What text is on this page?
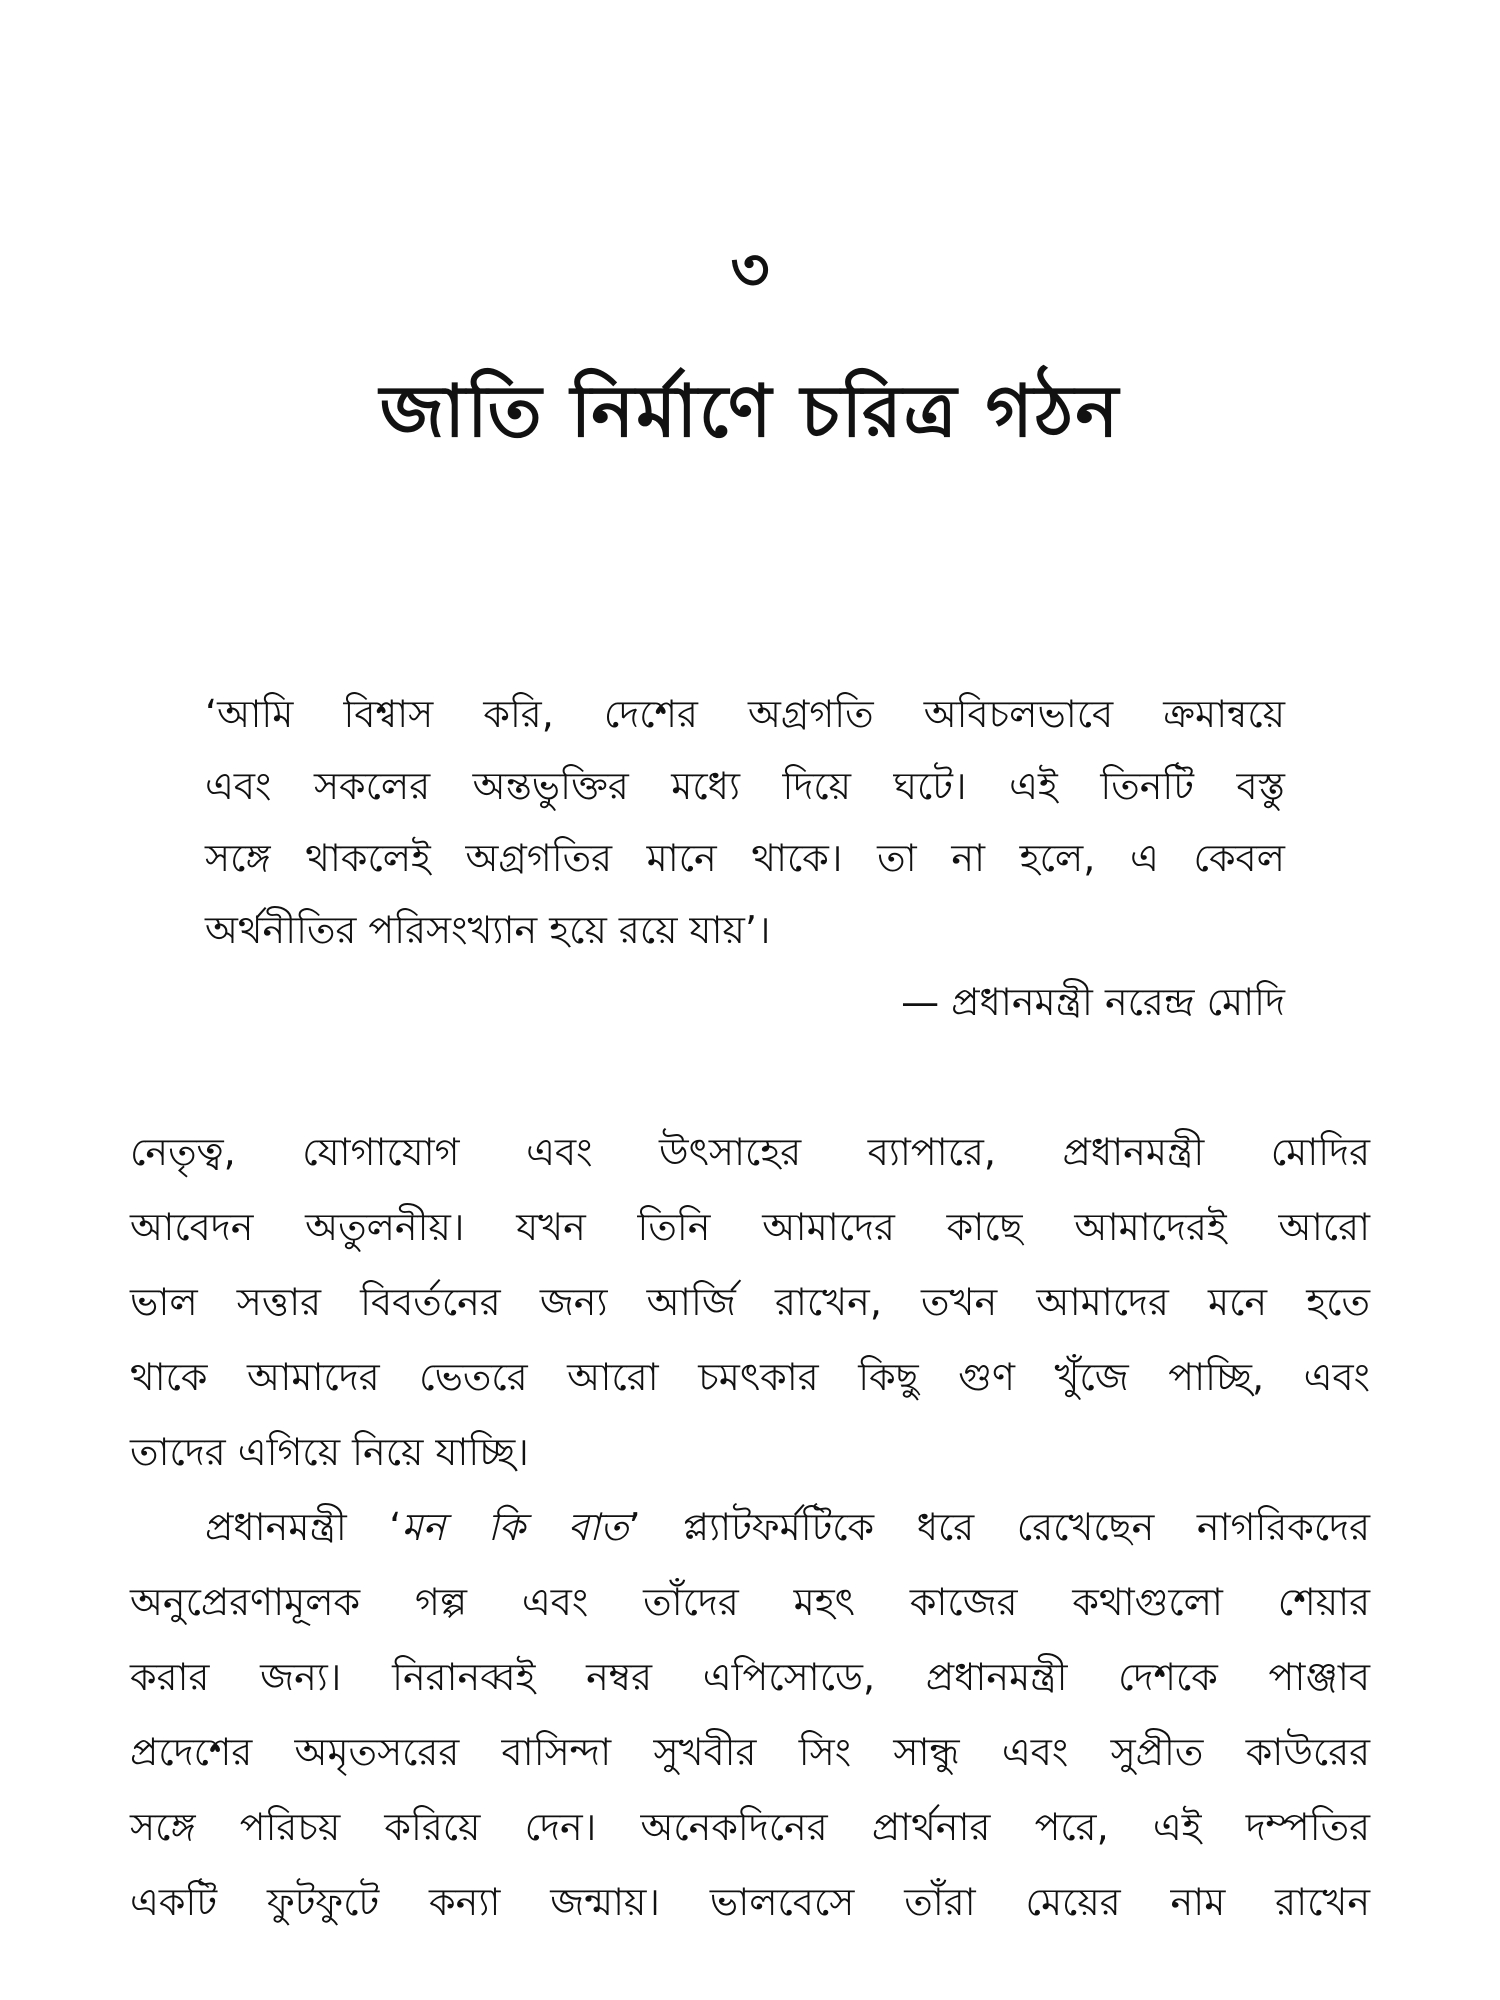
৩
জাতি নির্মাণে চরিত্র গঠন
‘আমি বিশ্বাস করি, দেশের অগ্রগতি অবিচলভাবে ক্রমান্বয়ে
এবং সকলের অন্তভুক্তির মধ্যে দিয়ে ঘটে। এই তিনটি বস্তু
সঙ্গে থাকলেই অগ্রগতির মানে থাকে। তা না হলে, এ কেবল
অর্থনীতির পরিসংখ্যান হয়ে রয়ে যায়’।
— প্রধানমন্ত্রী নরেন্দ্র মোদি
নেতৃত্ব, যোগাযোগ এবং উৎসাহের ব্যাপারে, প্রধানমন্ত্রী মোদির
আবেদন অতুলনীয়। যখন তিনি আমাদের কাছে আমাদেরই আরো
ভাল সত্তার বিবর্তনের জন্য আর্জি রাখেন, তখন আমাদের মনে হতে
থাকে আমাদের ভেতরে আরো চমৎকার কিছু গুণ খুঁজে পাচ্ছি, এবং
তাদের এগিয়ে নিয়ে যাচ্ছি।
প্রধানমন্ত্রী ‘মন কি বাত’ প্ল্যাটফর্মটিকে ধরে রেখেছেন নাগরিকদের
অনুপ্রেরণামূলক গল্প এবং তাঁদের মহৎ কাজের কথাগুলো শেয়ার
করার জন্য। নিরানব্বই নম্বর এপিসোডে, প্রধানমন্ত্রী দেশকে পাঞ্জাব
প্রদেশের অমৃতসরের বাসিন্দা সুখবীর সিং সান্ধু এবং সুপ্রীত কাউরের
সঙ্গে পরিচয় করিয়ে দেন। অনেকদিনের প্রার্থনার পরে, এই দম্পতির
একটি ফুটফুটে কন্যা জন্মায়। ভালবেসে তাঁরা মেয়ের নাম রাখেন
